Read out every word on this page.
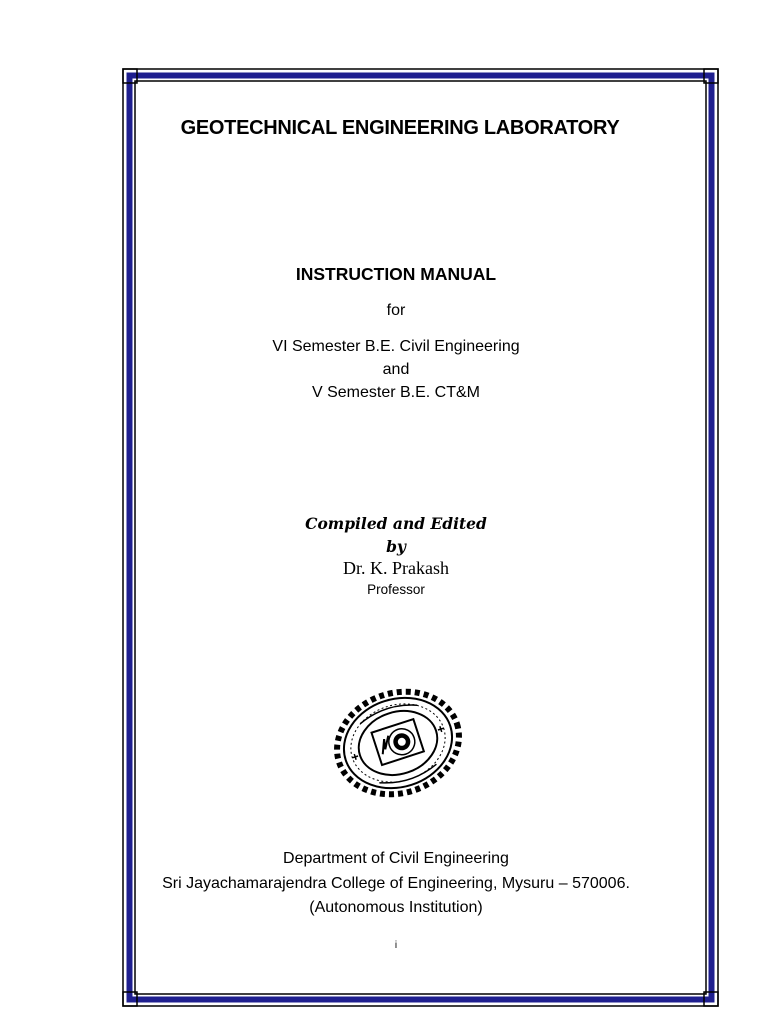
GEOTECHNICAL ENGINEERING LABORATORY
INSTRUCTION MANUAL
for
VI Semester B.E. Civil Engineering
and
V Semester B.E. CT&M
Compiled and Edited
by
Dr. K. Prakash
Professor
Department of Civil Engineering
Sri Jayachamarajendra College of Engineering, Mysuru – 570006.
(Autonomous Institution)
i
